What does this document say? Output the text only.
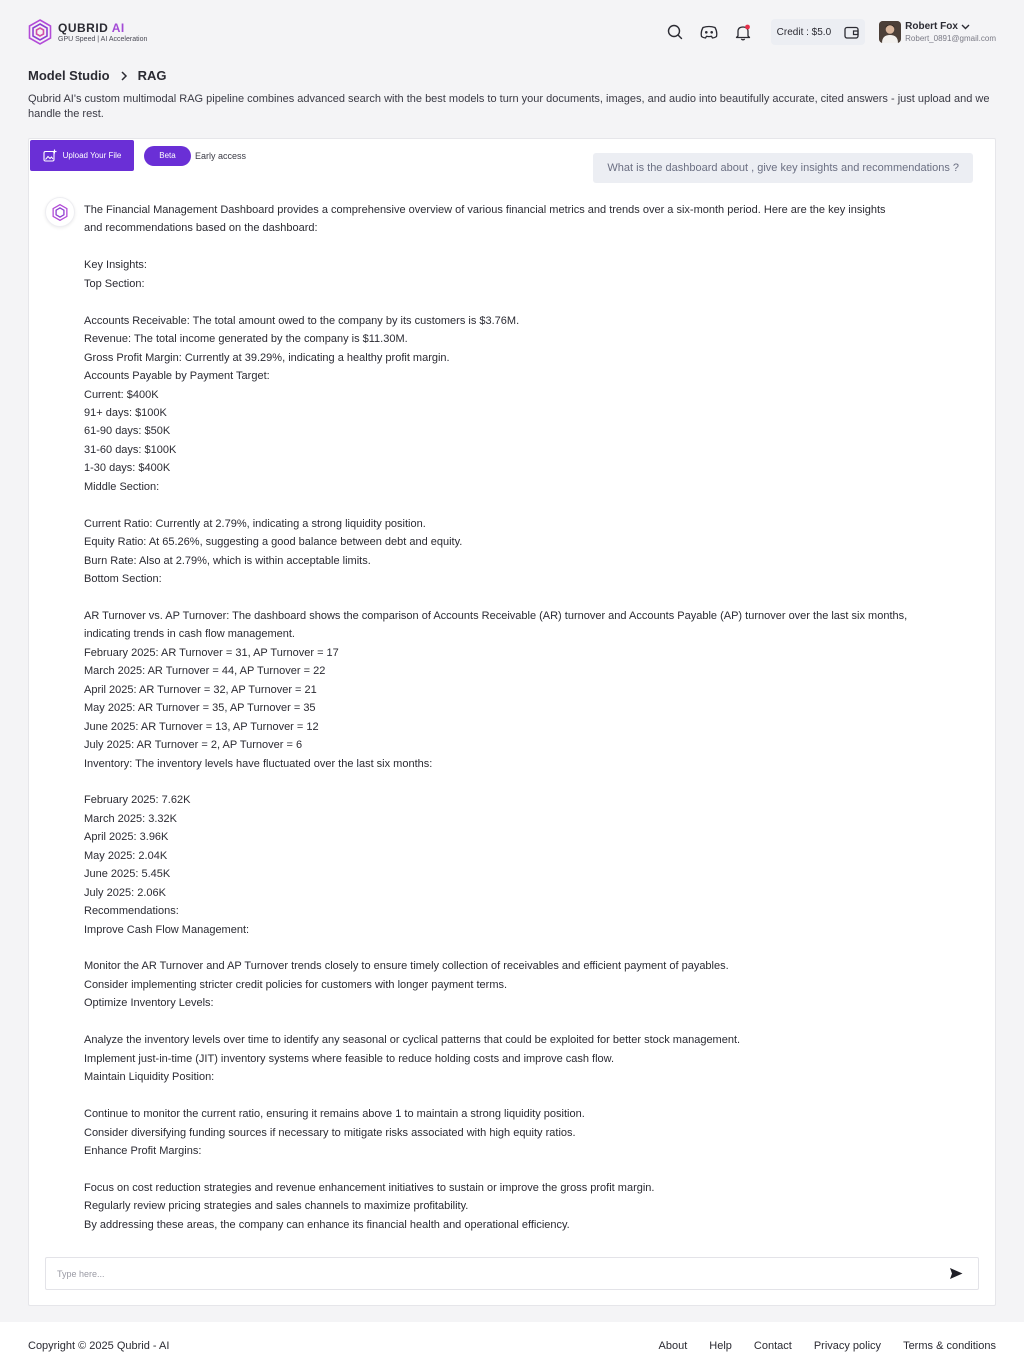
QUBRID AI
GPU Speed | AI Acceleration
Credit : $5.0	Robert Fox
Robert_0891@gmail.com
Model Studio RAG
Qubrid AI's custom multimodal RAG pipeline combines advanced search with the best models to turn your documents, images, and audio into beautifully accurate, cited answers - just upload and we handle the rest.
Upload Your File	Beta	Early access
What is the dashboard about , give key insights and recommendations ?
The Financial Management Dashboard provides a comprehensive overview of various financial metrics and trends over a six-month period. Here are the key insights
and recommendations based on the dashboard:
Key Insights:
Top Section:
Accounts Receivable: The total amount owed to the company by its customers is $3.76M.
Revenue: The total income generated by the company is $11.30M.
Gross Profit Margin: Currently at 39.29%, indicating a healthy profit margin.
Accounts Payable by Payment Target:
Current: $400K
91+ days: $100K
61-90 days: $50K
31-60 days: $100K
1-30 days: $400K
Middle Section:
Current Ratio: Currently at 2.79%, indicating a strong liquidity position.
Equity Ratio: At 65.26%, suggesting a good balance between debt and equity.
Burn Rate: Also at 2.79%, which is within acceptable limits.
Bottom Section:
AR Turnover vs. AP Turnover: The dashboard shows the comparison of Accounts Receivable (AR) turnover and Accounts Payable (AP) turnover over the last six months,
indicating trends in cash flow management.
February 2025: AR Turnover = 31, AP Turnover = 17
March 2025: AR Turnover = 44, AP Turnover = 22
April 2025: AR Turnover = 32, AP Turnover = 21
May 2025: AR Turnover = 35, AP Turnover = 35
June 2025: AR Turnover = 13, AP Turnover = 12
July 2025: AR Turnover = 2, AP Turnover = 6
Inventory: The inventory levels have fluctuated over the last six months:
February 2025: 7.62K
March 2025: 3.32K
April 2025: 3.96K
May 2025: 2.04K
June 2025: 5.45K
July 2025: 2.06K
Recommendations:
Improve Cash Flow Management:
Monitor the AR Turnover and AP Turnover trends closely to ensure timely collection of receivables and efficient payment of payables.
Consider implementing stricter credit policies for customers with longer payment terms.
Optimize Inventory Levels:
Analyze the inventory levels over time to identify any seasonal or cyclical patterns that could be exploited for better stock management.
Implement just-in-time (JIT) inventory systems where feasible to reduce holding costs and improve cash flow.
Maintain Liquidity Position:
Continue to monitor the current ratio, ensuring it remains above 1 to maintain a strong liquidity position.
Consider diversifying funding sources if necessary to mitigate risks associated with high equity ratios.
Enhance Profit Margins:
Focus on cost reduction strategies and revenue enhancement initiatives to sustain or improve the gross profit margin.
Regularly review pricing strategies and sales channels to maximize profitability.
By addressing these areas, the company can enhance its financial health and operational efficiency.
Type here...
Copyright © 2025 Qubrid - AI	About Help Contact Privacy policy Terms & conditions
